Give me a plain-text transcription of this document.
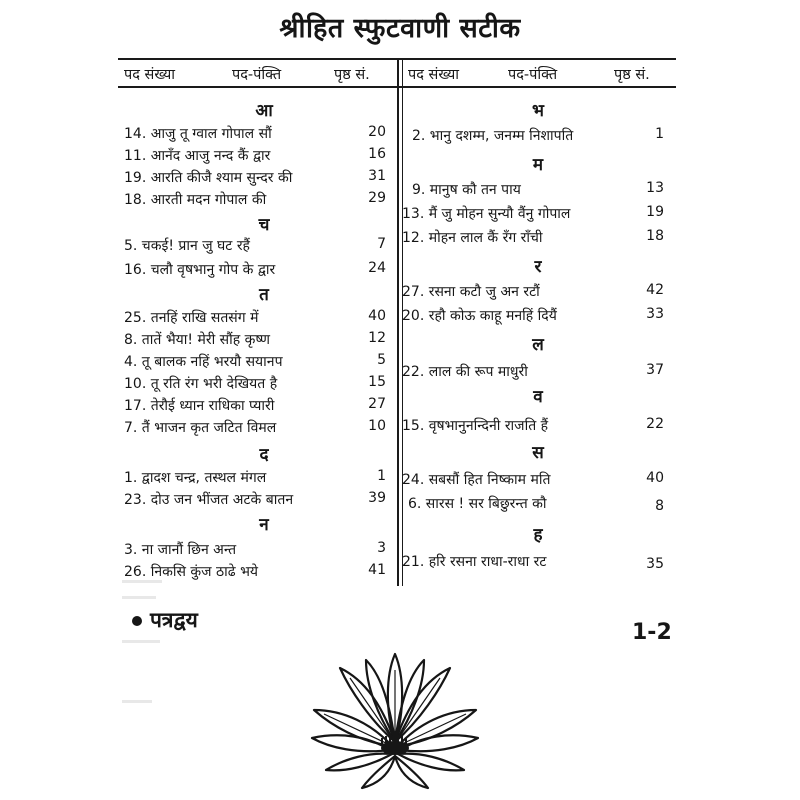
श्रीहित स्फुटवाणी सटीक
पद संख्या	पद-पंक्ति	पृष्ठ सं.	पद संख्या	पद-पंक्ति	पृष्ठ सं.
आ
14. आजु तू ग्वाल गोपाल सौं	20
11. आनँद आजु नन्द कैं द्वार	16
19. आरति कीजै श्याम सुन्दर की	31
18. आरती मदन गोपाल की	29
च
5. चकई! प्रान जु घट रहैं	7
16. चलौ वृषभानु गोप के द्वार	24
त
25. तनहिं राखि सतसंग में	40
8. तातें भैया! मेरी सौंह कृष्ण	12
4. तू बालक नहिं भरयौ सयानप	5
10. तू रति रंग भरी देखियत है	15
17. तेरौई ध्यान राधिका प्यारी	27
7. तैं भाजन कृत जटित विमल	10
द
1. द्वादश चन्द्र, तस्थल मंगल	1
23. दोउ जन भींजत अटके बातन	39
न
3. ना जानौं छिन अन्त	3
26. निकसि कुंज ठाढे भये	41
भ
2. भानु दशम्म, जनम्म निशापति	1
म
9. मानुष कौ तन पाय	13
13. मैं जु मोहन सुन्यौ वैंनु गोपाल	19
12. मोहन लाल कैं रँग राँची	18
र
27. रसना कटौ जु अन रटौं	42
20. रहौ कोऊ काहू मनहिं दियैं	33
ल
22. लाल की रूप माधुरी	37
व
15. वृषभानुनन्दिनी राजति हैं	22
स
24. सबसौं हित निष्काम मति	40
6. सारस ! सर बिछुरन्त कौ	8
ह
21. हरि रसना राधा-राधा रट	35
पत्रद्वय	1-2
